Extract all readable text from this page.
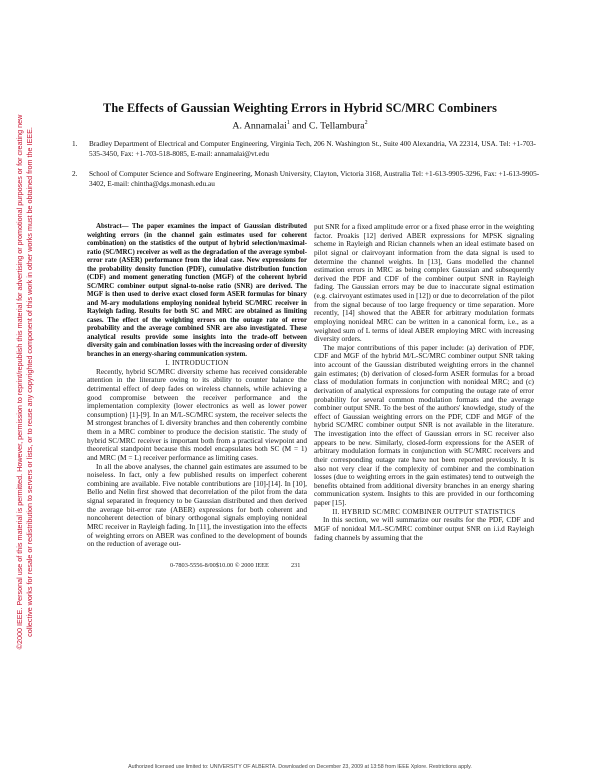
©2000 IEEE. Personal use of this material is permitted. However, permission to reprint/republish this material for advertising or promotional purposes or for creating new collective works for resale or redistribution to servers or lists, or to reuse any copyrighted component of this work in other works must be obtained from the IEEE.
The Effects of Gaussian Weighting Errors in Hybrid SC/MRC Combiners
A. Annamalai$^1$ and C. Tellambura$^2$
1. Bradley Department of Electrical and Computer Engineering, Virginia Tech, 206 N. Washington St., Suite 400 Alexandria, VA 22314, USA. Tel: +1-703-535-3450, Fax: +1-703-518-8085, E-mail: annamalai@vt.edu
2. School of Computer Science and Software Engineering, Monash University, Clayton, Victoria 3168, Australia Tel: +1-613-9905-3296, Fax: +1-613-9905-3402, E-mail: chintha@dgs.monash.edu.au

Abstract— The paper examines the impact of Gaussian distributed weighting errors (in the channel gain estimates used for coherent combination) on the statistics of the output of hybrid selection/maximal-ratio (SC/MRC) receiver as well as the degradation of the average symbol-error rate (ASER) performance from the ideal case. New expressions for the probability density function (PDF), cumulative distribution function (CDF) and moment generating function (MGF) of the coherent hybrid SC/MRC combiner output signal-to-noise ratio (SNR) are derived. The MGF is then used to derive exact closed form ASER formulas for binary and M-ary modulations employing nonideal hybrid SC/MRC receiver in Rayleigh fading. Results for both SC and MRC are obtained as limiting cases. The effect of the weighting errors on the outage rate of error probability and the average combined SNR are also investigated. These analytical results provide some insights into the trade-off between diversity gain and combination losses with the increasing order of diversity branches in an energy-sharing communication system.

I. INTRODUCTION

Recently, hybrid SC/MRC diversity scheme has received considerable attention in the literature owing to its ability to counter balance the detrimental effect of deep fades on wireless channels, while achieving a good compromise between the receiver performance and the implementation complexity (lower electronics as well as lower power consumption) [1]-[9]. In an M/L-SC/MRC system, the receiver selects the M strongest branches of L diversity branches and then coherently combine them in a MRC combiner to produce the decision statistic. The study of hybrid SC/MRC receiver is important both from a practical viewpoint and theoretical standpoint because this model encapsulates both SC (M = 1) and MRC (M = L) receiver performance as limiting cases.

In all the above analyses, the channel gain estimates are assumed to be noiseless. In fact, only a few published results on imperfect coherent combining are available. Five notable contributions are [10]-[14]. In [10], Bello and Nelin first showed that decorrelation of the pilot from the data signal separated in frequency to be Gaussian distributed and then derived the average bit-error rate (ABER) expressions for both coherent and noncoherent detection of binary orthogonal signals employing nonideal MRC receiver in Rayleigh fading. In [11], the investigation into the effects of weighting errors on ABER was confined to the development of bounds on the reduction of average out-

put SNR for a fixed amplitude error or a fixed phase error in the weighting factor. Proakis [12] derived ABER expressions for MPSK signaling scheme in Rayleigh and Rician channels when an ideal estimate based on pilot signal or clairvoyant information from the data signal is used to determine the channel weights. In [13], Gans modelled the channel estimation errors in MRC as being complex Gaussian and subsequently derived the PDF and CDF of the combiner output SNR in Rayleigh fading. The Gaussian errors may be due to inaccurate signal estimation (e.g. clairvoyant estimates used in [12]) or due to decorrelation of the pilot from the signal because of too large frequency or time separation. More recently, [14] showed that the ABER for arbitrary modulation formats employing nonideal MRC can be written in a canonical form, i.e., as a weighted sum of L terms of ideal ABER employing MRC with increasing diversity orders.

The major contributions of this paper include: (a) derivation of PDF, CDF and MGF of the hybrid M/L-SC/MRC combiner output SNR taking into account of the Gaussian distributed weighting errors in the channel gain estimates; (b) derivation of closed-form ASER formulas for a broad class of modulation formats in conjunction with nonideal MRC; and (c) derivation of analytical expressions for computing the outage rate of error probability for several common modulation formats and the average combiner output SNR. To the best of the authors' knowledge, study of the effect of Gaussian weighting errors on the PDF, CDF and MGF of the hybrid SC/MRC combiner output SNR is not available in the literature. The investigation into the effect of Gaussian errors in SC receiver also appears to be new. Similarly, closed-form expressions for the ASER of arbitrary modulation formats in conjunction with SC/MRC receivers and their corresponding outage rate have not been reported previously. It is also not very clear if the complexity of combiner and the combination losses (due to weighting errors in the gain estimates) tend to outweigh the benefits obtained from additional diversity branches in an energy sharing communication system. Insights to this are provided in our forthcoming paper [15].

II. HYBRID SC/MRC COMBINER OUTPUT STATISTICS

In this section, we will summarize our results for the PDF, CDF and MGF of nonideal M/L-SC/MRC combiner output SNR on i.i.d Rayleigh fading channels by assuming that the

0-7803-5556-8/00$10.00 © 2000 IEEE	231
Authorized licensed use limited to: UNIVERSITY OF ALBERTA. Downloaded on December 23, 2009 at 13:58 from IEEE Xplore. Restrictions apply.
